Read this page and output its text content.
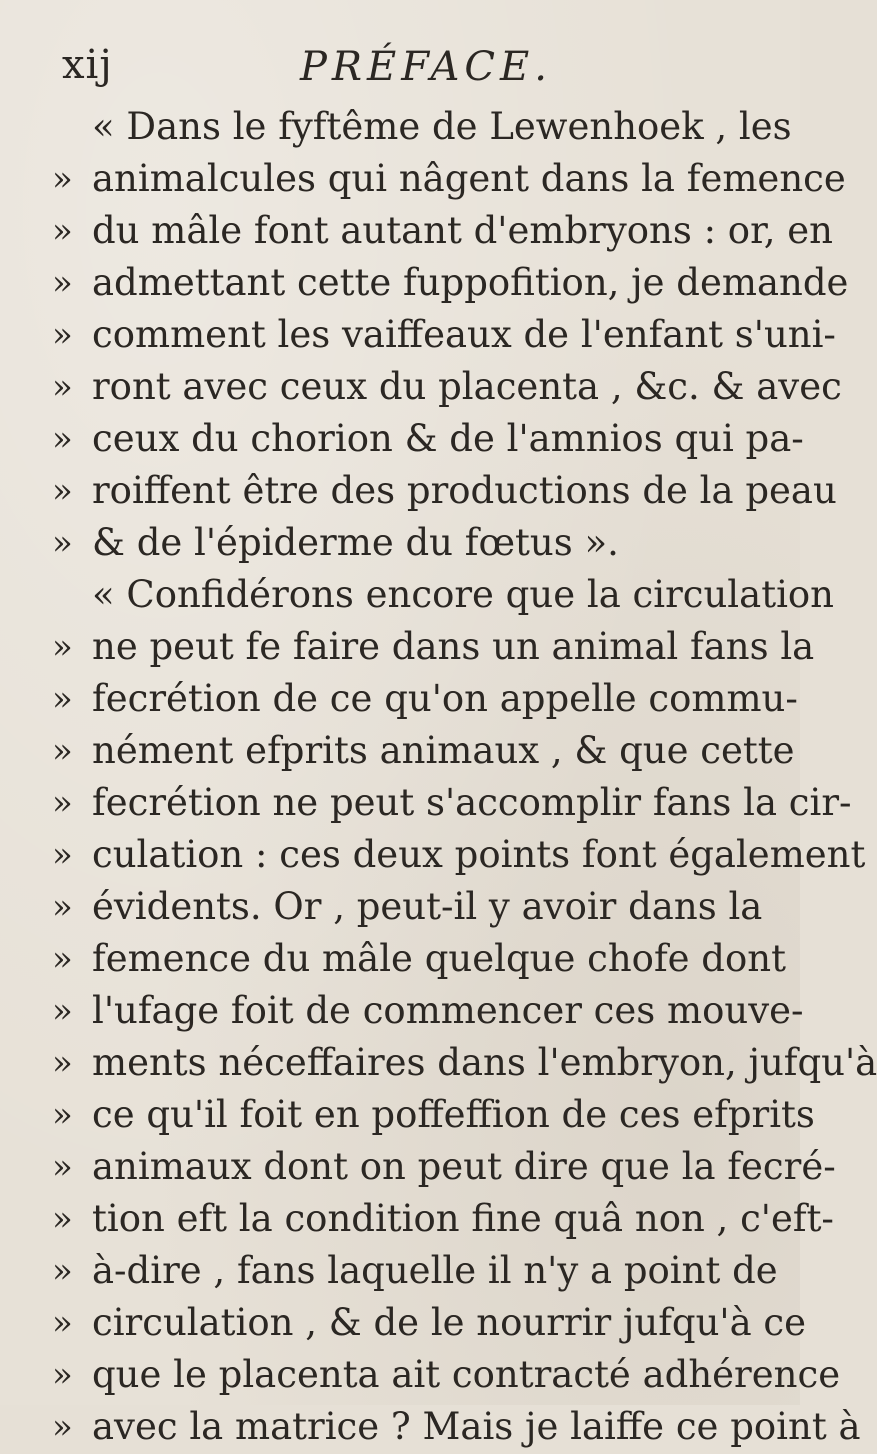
xij	PRÉFACE.
« Dans le fyftême de Lewenhoek , les
» animalcules qui nâgent dans la femence
» du mâle font autant d'embryons : or, en
» admettant cette fuppofition, je demande
» comment les vaiffeaux de l'enfant s'uni-
» ront avec ceux du placenta , &c. & avec
» ceux du chorion & de l'amnios qui pa-
» roiffent être des productions de la peau
» & de l'épiderme du fœtus ».
« Confidérons encore que la circulation
» ne peut fe faire dans un animal fans la
» fecrétion de ce qu'on appelle commu-
» nément efprits animaux , & que cette
» fecrétion ne peut s'accomplir fans la cir-
» culation : ces deux points font également
» évidents. Or , peut-il y avoir dans la
» femence du mâle quelque chofe dont
» l'ufage foit de commencer ces mouve-
» ments néceffaires dans l'embryon, jufqu'à
» ce qu'il foit en poffeffion de ces efprits
» animaux dont on peut dire que la fecré-
» tion eft la condition fine quâ non , c'eft-
» à-dire , fans laquelle il n'y a point de
» circulation , & de le nourrir jufqu'à ce
» que le placenta ait contracté adhérence
» avec la matrice ? Mais je laiffe ce point à
